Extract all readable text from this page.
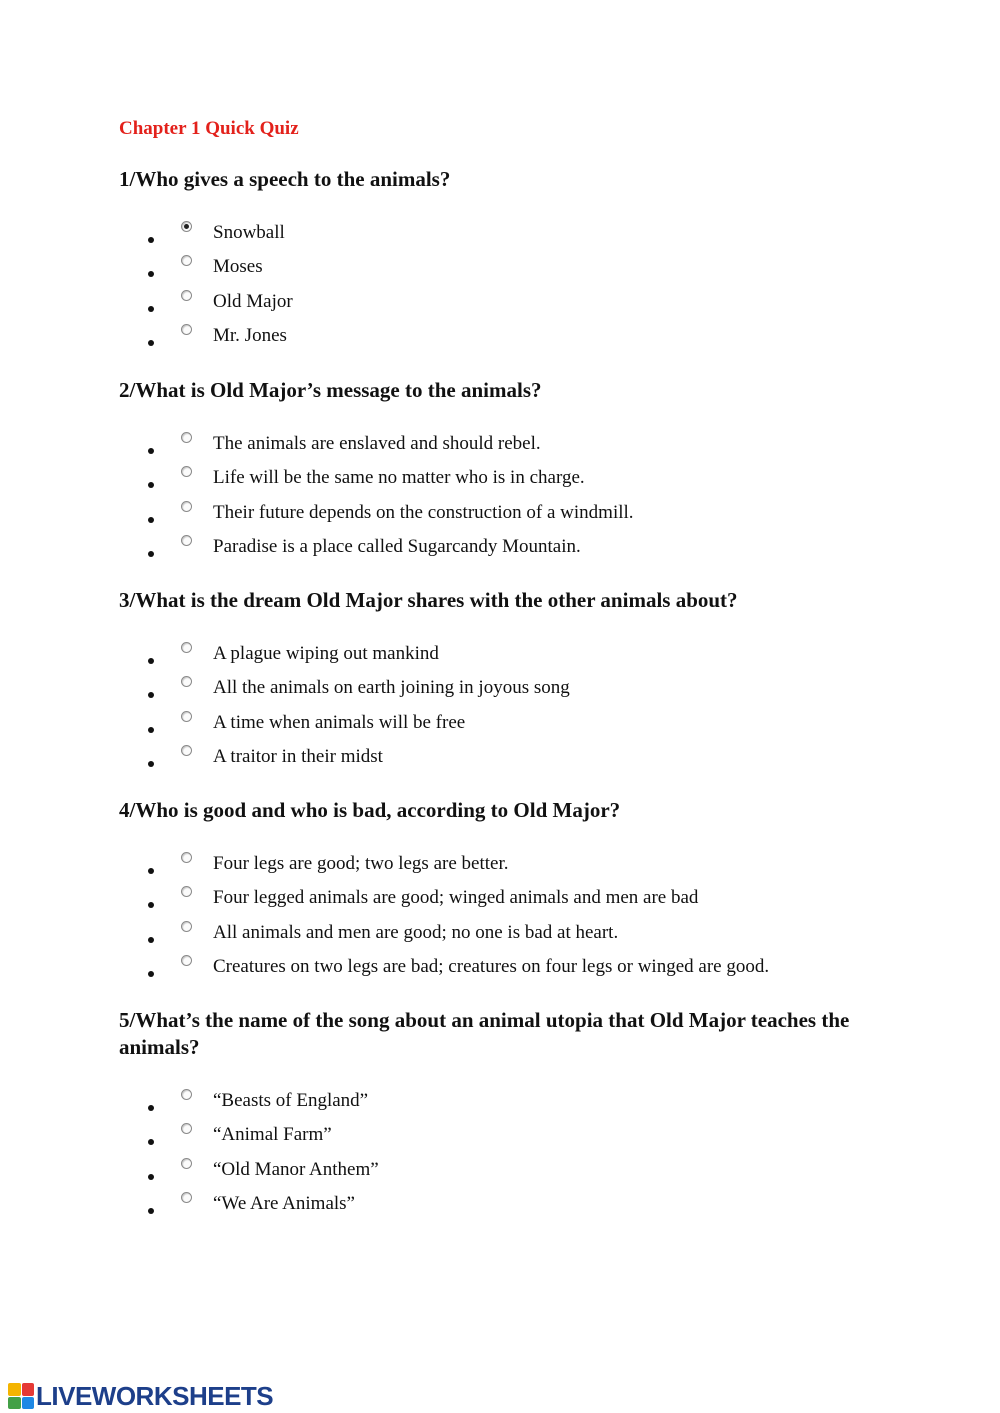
Chapter 1 Quick Quiz
1/Who gives a speech to the animals?
Snowball
Moses
Old Major
Mr. Jones
2/What is Old Major’s message to the animals?
The animals are enslaved and should rebel.
Life will be the same no matter who is in charge.
Their future depends on the construction of a windmill.
Paradise is a place called Sugarcandy Mountain.
3/What is the dream Old Major shares with the other animals about?
A plague wiping out mankind
All the animals on earth joining in joyous song
A time when animals will be free
A traitor in their midst
4/Who is good and who is bad, according to Old Major?
Four legs are good; two legs are better.
Four legged animals are good; winged animals and men are bad
All animals and men are good; no one is bad at heart.
Creatures on two legs are bad; creatures on four legs or winged are good.
5/What’s the name of the song about an animal utopia that Old Major teaches the animals?
“Beasts of England”
“Animal Farm”
“Old Manor Anthem”
“We Are Animals”
LIVEWORKSHEETS
